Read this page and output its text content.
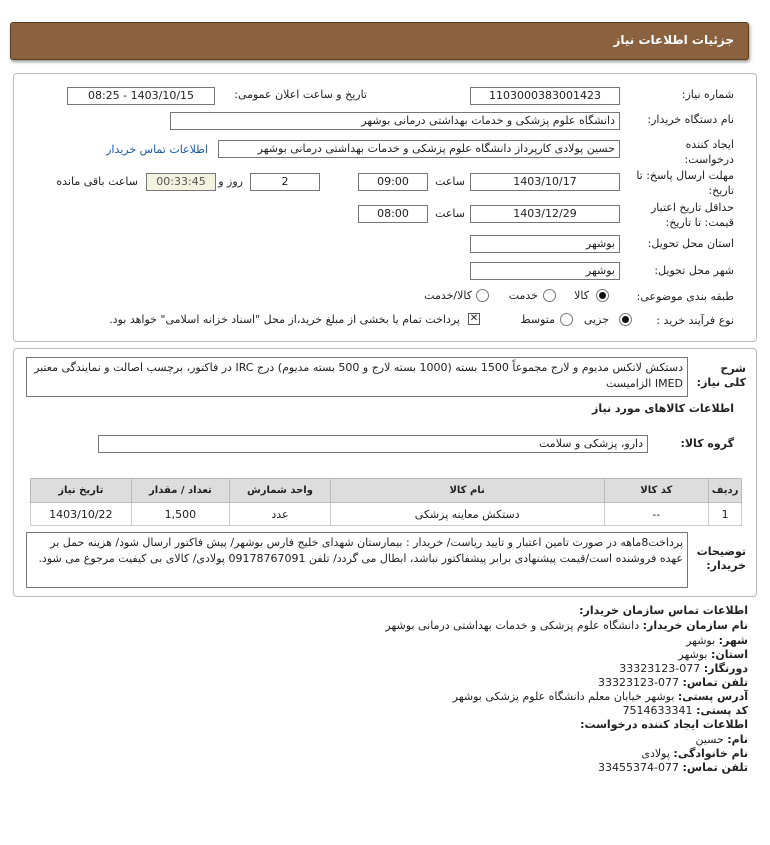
جزئیات اطلاعات نیاز
شماره نیاز:
1103000383001423
تاریخ و ساعت اعلان عمومی:
1403/10/15 - 08:25
نام دستگاه خریدار:
دانشگاه علوم پزشکی و خدمات بهداشتی درمانی بوشهر
ایجاد کننده درخواست:
حسین پولادی کارپرداز دانشگاه علوم پزشکی و خدمات بهداشتی درمانی بوشهر
اطلاعات تماس خریدار
مهلت ارسال پاسخ: تا تاریخ:
1403/10/17
ساعت
09:00
2
روز و
00:33:45
ساعت باقی مانده
حداقل تاریخ اعتبار قیمت: تا تاریخ:
1403/12/29
ساعت
08:00
استان محل تحویل:
بوشهر
شهر محل تحویل:
بوشهر
طبقه بندی موضوعی:
کالا
خدمت
کالا/خدمت
نوع فرآیند خرید :
جزیی
متوسط
✕
پرداخت تمام یا بخشی از مبلغ خرید،از محل "اسناد خزانه اسلامی" خواهد بود.
شرح کلی نیاز:
دستکش لاتکس مدیوم و لارج مجموعاً 1500 بسته (1000 بسته لارج و 500 بسته مدیوم) درج IRC در فاکتور، برچسب اصالت و نمایندگی معتبر IMED الزامیست
اطلاعات کالاهای مورد نیاز
گروه کالا:
دارو، پزشکی و سلامت
ردیف	کد کالا	نام کالا	واحد شمارش	تعداد / مقدار	تاریخ نیاز
1	--	دستکش معاینه پزشکی	عدد	1,500	1403/10/22
توضیحات خریدار:
پرداخت8ماهه در صورت تامین اعتبار و تایید ریاست/ خریدار : بیمارستان شهدای خلیج فارس بوشهر/ پیش فاکتور ارسال شود/ هزینه حمل بر عهده فروشنده است/قیمت پیشنهادی برابر پیشفاکتور نباشد، ابطال می گردد/ تلفن 09178767091 پولادی/ کالای بی کیفیت مرجوع می شود.
اطلاعات تماس سازمان خریدار:
نام سازمان خریدار: دانشگاه علوم پزشکی و خدمات بهداشتی درمانی بوشهر
شهر: بوشهر
استان: بوشهر
دورنگار: 077-33323123
تلفن تماس: 077-33323123
آدرس پستی: بوشهر خیابان معلم دانشگاه علوم پزشکی بوشهر
کد پستی: 7514633341
اطلاعات ایجاد کننده درخواست:
نام: حسین
نام خانوادگی: پولادی
تلفن تماس: 077-33455374
